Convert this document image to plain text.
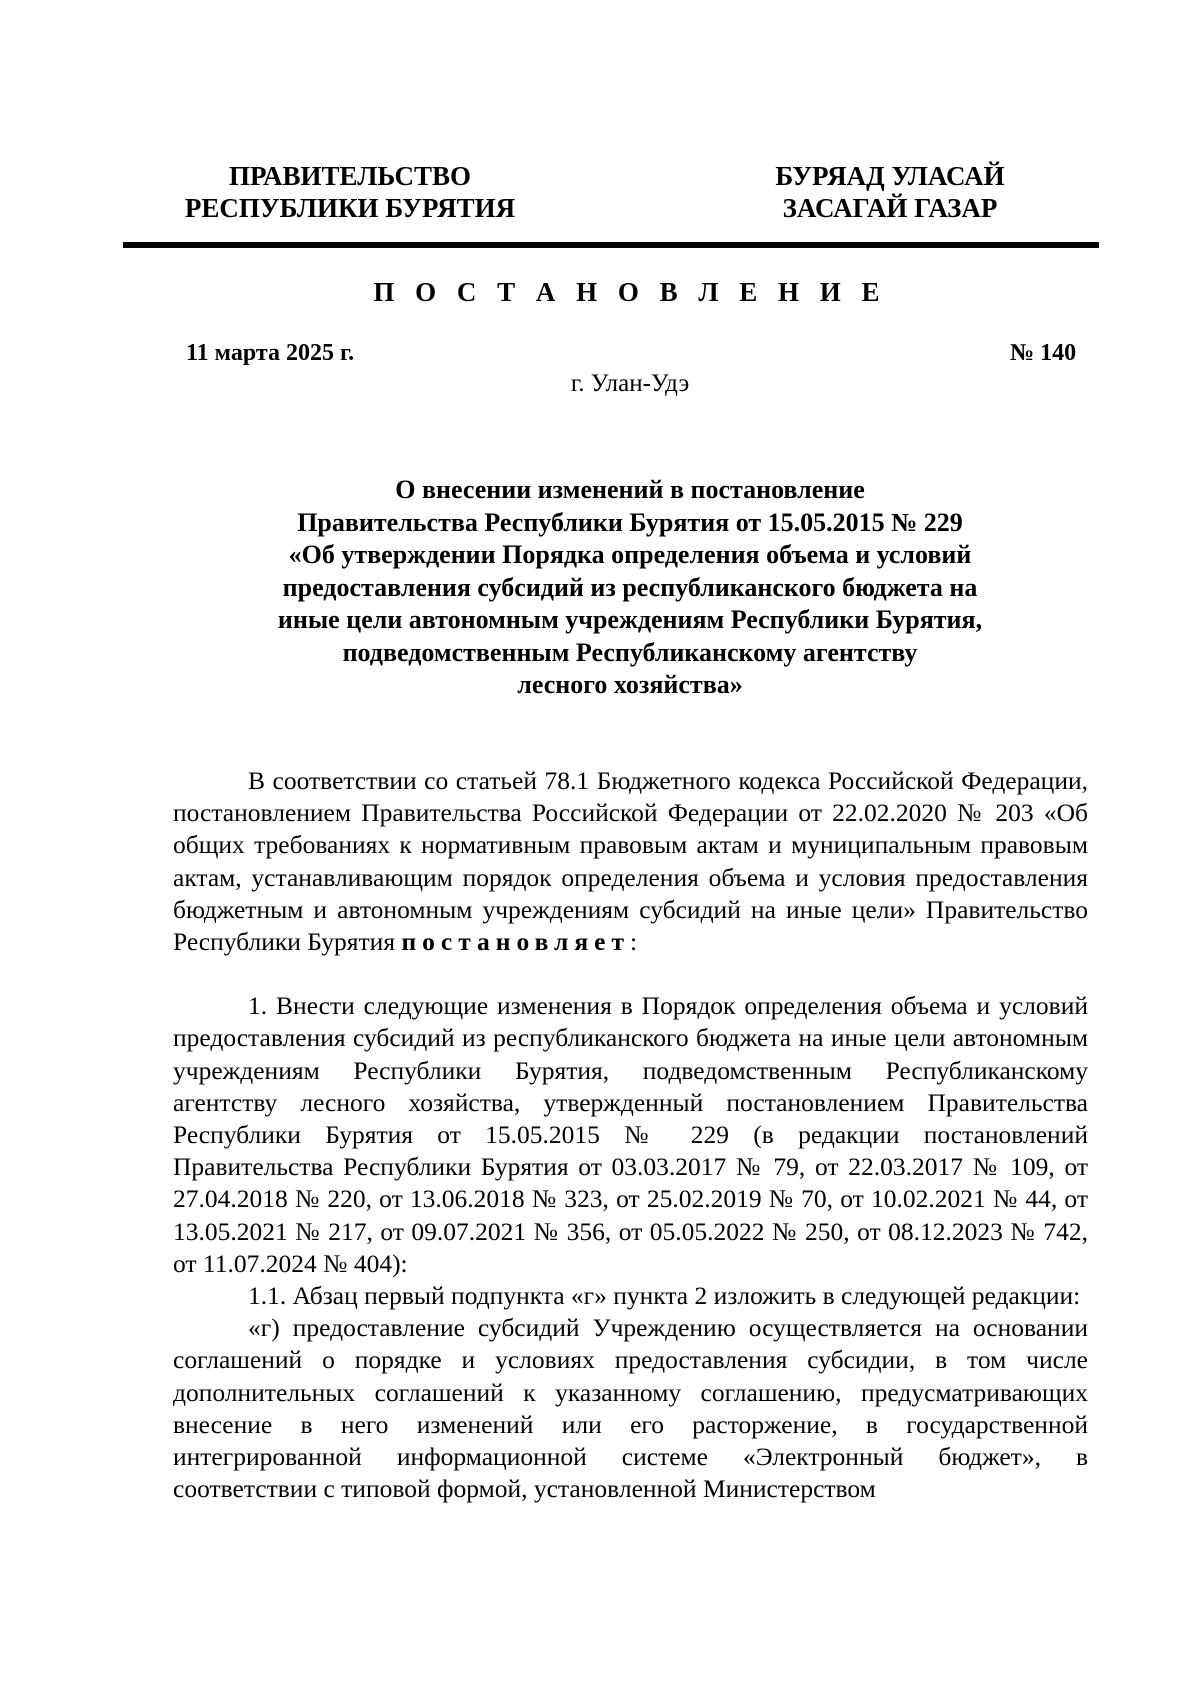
ПРАВИТЕЛЬСТВО
РЕСПУБЛИКИ БУРЯТИЯ
БУРЯАД УЛАСАЙ
ЗАСАГАЙ ГАЗАР
П О С Т А Н О В Л Е Н И Е
11 марта 2025 г.	№ 140
г. Улан-Удэ
О внесении изменений в постановление
Правительства Республики Бурятия от 15.05.2015 № 229
«Об утверждении Порядка определения объема и условий
предоставления субсидий из республиканского бюджета на
иные цели автономным учреждениям Республики Бурятия,
подведомственным Республиканскому агентству
лесного хозяйства»

В соответствии со статьей 78.1 Бюджетного кодекса Российской Федерации, постановлением Правительства Российской Федерации от 22.02.2020 № 203 «Об общих требованиях к нормативным правовым актам и муниципальным правовым актам, устанавливающим порядок определения объема и условия предоставления бюджетным и автономным учреждениям субсидий на иные цели» Правительство Республики Бурятия постановляет:

1. Внести следующие изменения в Порядок определения объема и условий предоставления субсидий из республиканского бюджета на иные цели автономным учреждениям Республики Бурятия, подведомственным Республиканскому агентству лесного хозяйства, утвержденный постановлением Правительства Республики Бурятия от 15.05.2015 № 229 (в редакции постановлений Правительства Республики Бурятия от 03.03.2017 № 79, от 22.03.2017 № 109, от 27.04.2018 № 220, от 13.06.2018 № 323, от 25.02.2019 № 70, от 10.02.2021 № 44, от 13.05.2021 № 217, от 09.07.2021 № 356, от 05.05.2022 № 250, от 08.12.2023 № 742, от 11.07.2024 № 404):

1.1. Абзац первый подпункта «г» пункта 2 изложить в следующей редакции:

«г) предоставление субсидий Учреждению осуществляется на основании соглашений о порядке и условиях предоставления субсидии, в том числе дополнительных соглашений к указанному соглашению, предусматривающих внесение в него изменений или его расторжение, в государственной интегрированной информационной системе «Электронный бюджет», в соответствии с типовой формой, установленной Министерством
